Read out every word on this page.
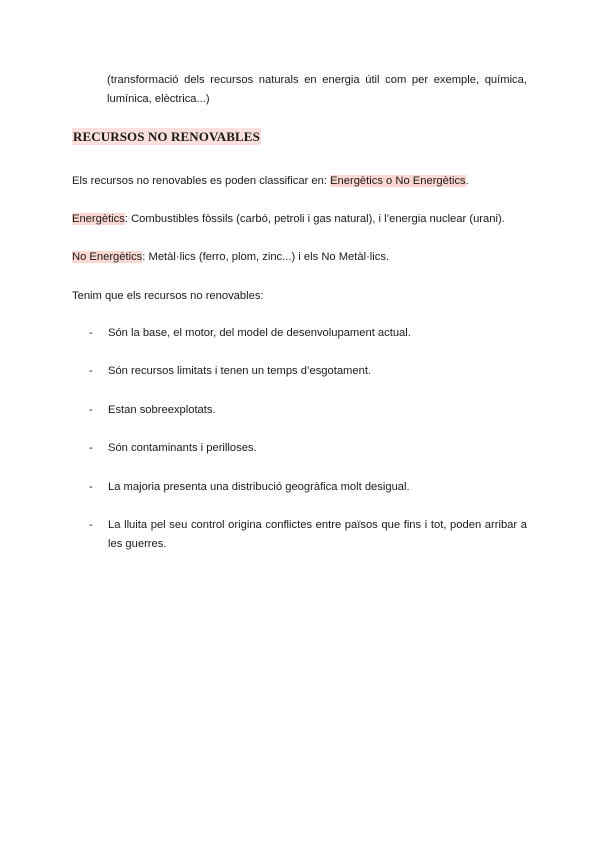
(transformació dels recursos naturals en energia útil com per exemple, química,
lumínica, elèctrica...)
RECURSOS NO RENOVABLES
Els recursos no renovables es poden classificar en: Energètics o No Energètics.
Energètics: Combustibles fòssils (carbó, petroli i gas natural), i l’energia nuclear (urani).
No Energètics: Metàl·lics (ferro, plom, zinc...) i els No Metàl·lics.
Tenim que els recursos no renovables:
- Són la base, el motor, del model de desenvolupament actual.
- Són recursos limitats i tenen un temps d’esgotament.
- Estan sobreexplotats.
- Són contaminants i perilloses.
- La majoria presenta una distribució geogràfica molt desigual.
- La lluita pel seu control origina conflictes entre països que fins i tot, poden arribar a
les guerres.
